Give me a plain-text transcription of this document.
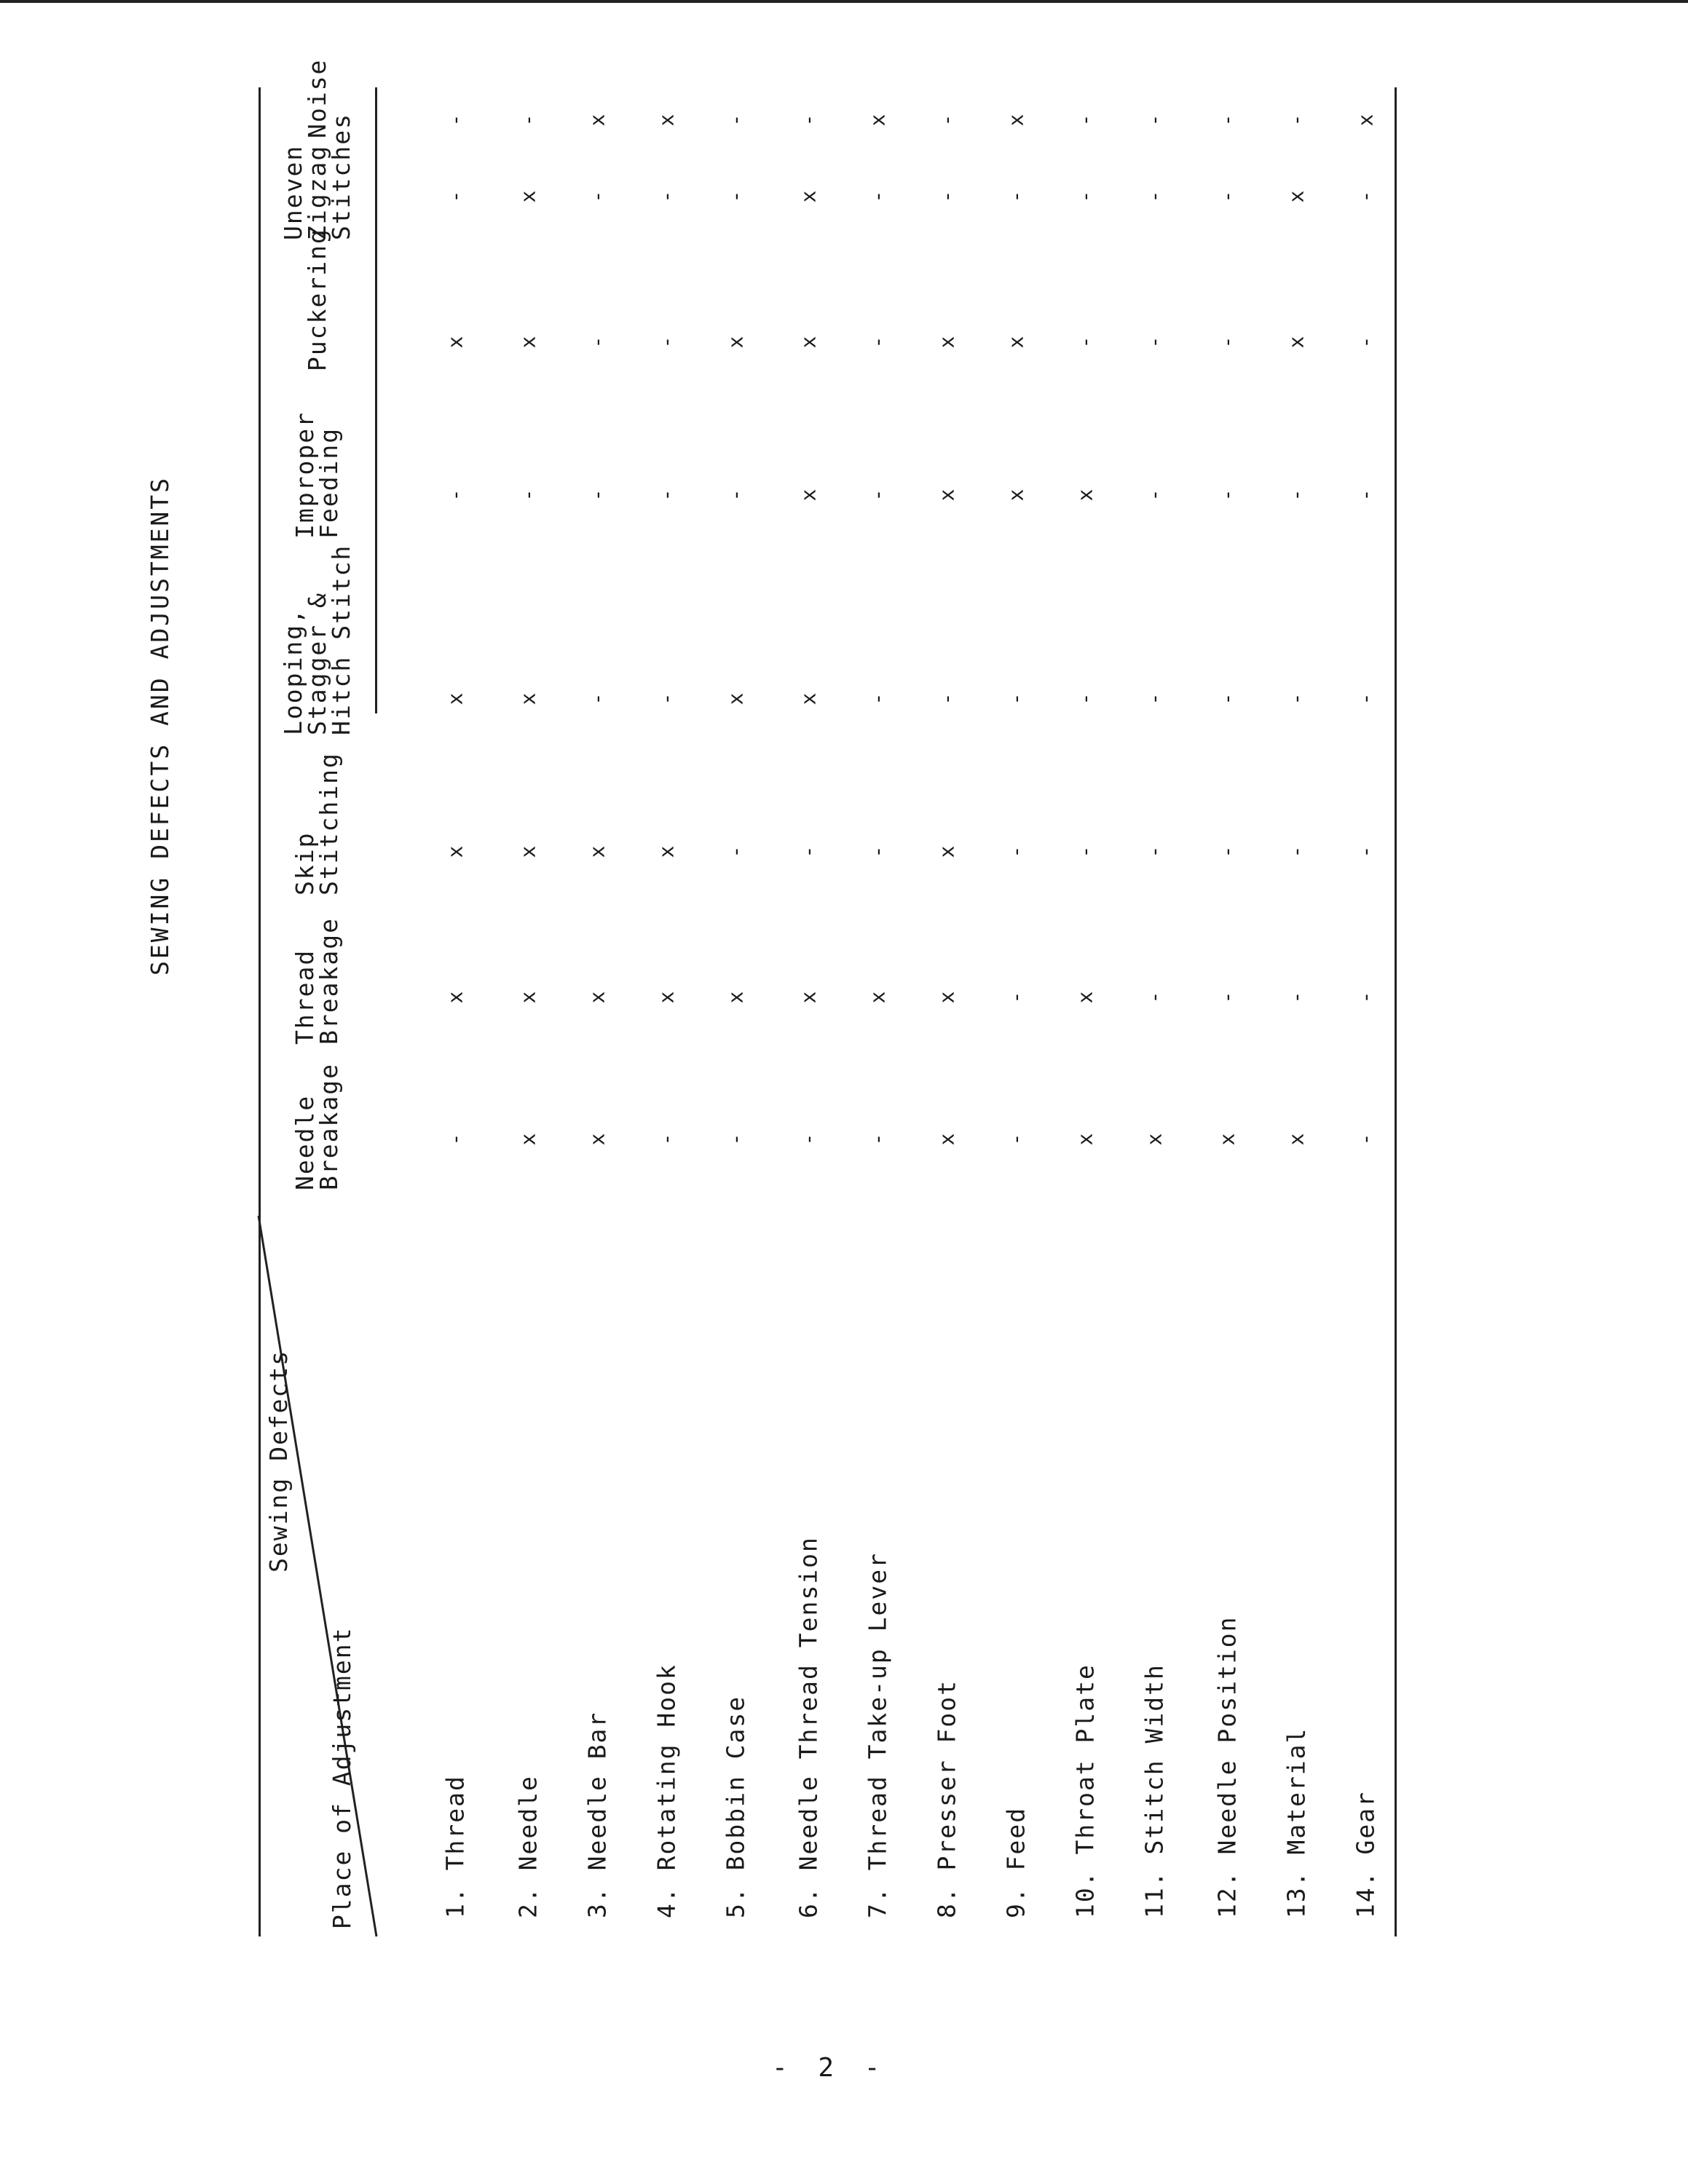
SEWING DEFECTS AND ADJUSTMENTS
Sewing Defects
Place of Adjustment
Needle
Breakage
Thread
Breakage
Skip
Stitching
Looping,
Stagger &
Hitch Stitch
Improper
Feeding
Puckering
Uneven
Zigzag
Stitches
Noise
1. Thread
-
x
x
x
-
x
-
-
2. Needle
x
x
x
x
-
x
x
-
3. Needle Bar
x
x
x
-
-
-
-
x
4. Rotating Hook
-
x
x
-
-
-
-
x
5. Bobbin Case
-
x
-
x
-
x
-
-
6. Needle Thread Tension
-
x
-
x
x
x
x
-
7. Thread Take-up Lever
-
x
-
-
-
-
-
x
8. Presser Foot
x
x
x
-
x
x
-
-
9. Feed
-
-
-
-
x
x
-
x
10. Throat Plate
x
x
-
-
x
-
-
-
11. Stitch Width
x
-
-
-
-
-
-
-
12. Needle Position
x
-
-
-
-
-
-
-
13. Material
x
-
-
-
-
x
x
-
14. Gear
-
-
-
-
-
-
-
x
- 2 -
